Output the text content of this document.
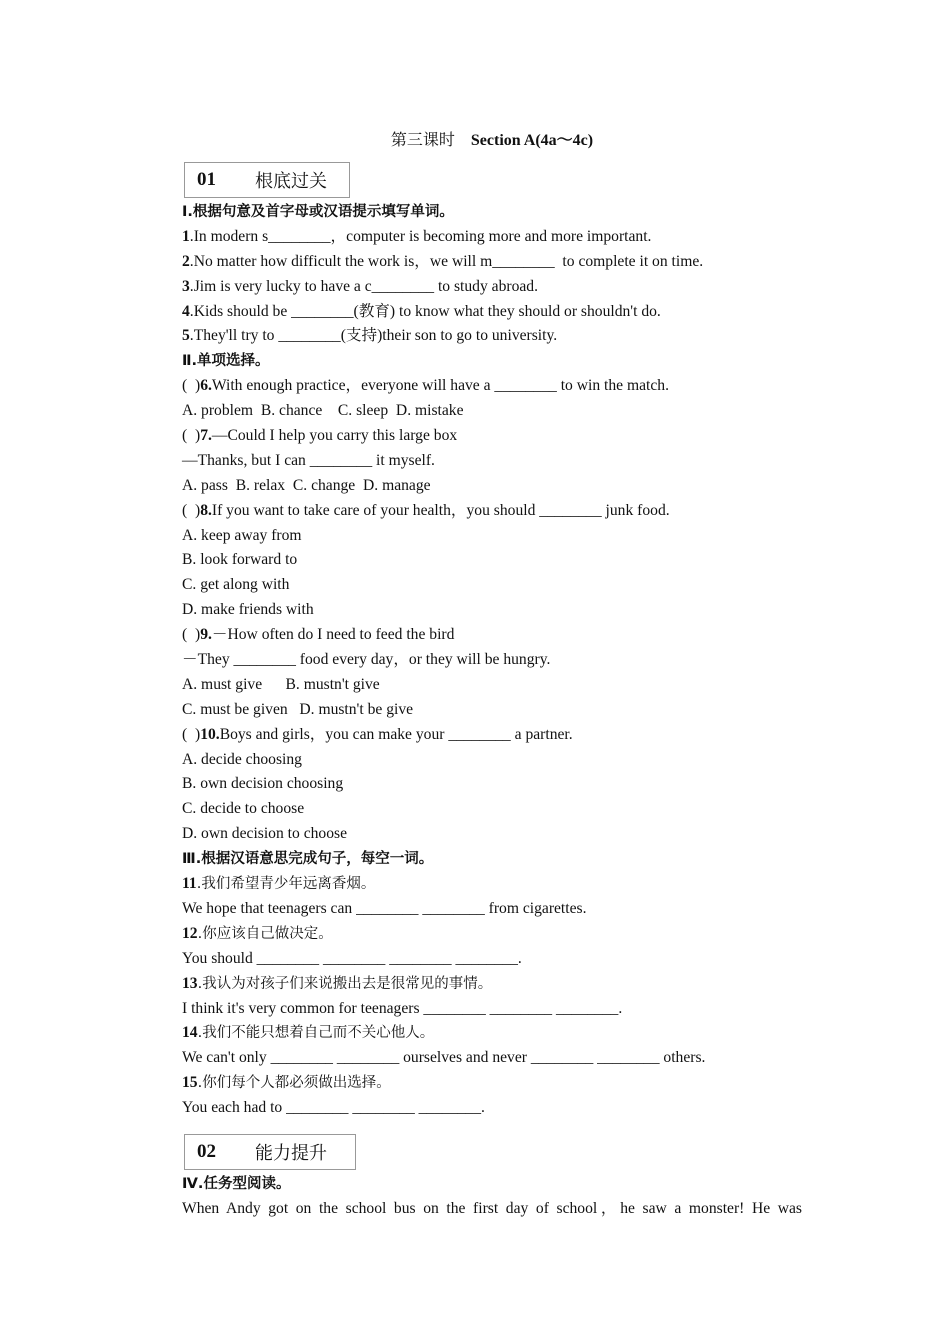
第三课时 Section A(4a～4c)
01	根底过关
Ⅰ.根据句意及首字母或汉语提示填写单词。
1.In modern s________，computer is becoming more and more important.
2.No matter how difficult the work is，we will m________  to complete it on time.
3.Jim is very lucky to have a c________ to study abroad.
4.Kids should be ________(教育) to know what they should or shouldn't do.
5.They'll try to ________(支持)their son to go to university.
Ⅱ.单项选择。
(  )6.With enough practice，everyone will have a ________ to win the match.
A. problem  B. chance    C. sleep  D. mistake
(  )7.—Could I help you carry this large box
—Thanks, but I can ________ it myself.
A. pass  B. relax  C. change  D. manage
(  )8.If you want to take care of your health，you should ________ junk food.
A. keep away from
B. look forward to
C. get along with
D. make friends with
(  )9.－How often do I need to feed the bird
－They ________ food every day，or they will be hungry.
A. must give      B. mustn't give
C. must be given   D. mustn't be give
(  )10.Boys and girls，you can make your ________ a partner.
A. decide choosing
B. own decision choosing
C. decide to choose
D. own decision to choose
Ⅲ.根据汉语意思完成句子，每空一词。
11.我们希望青少年远离香烟。
We hope that teenagers can ________ ________ from cigarettes.
12.你应该自己做决定。
You should ________ ________ ________ ________.
13.我认为对孩子们来说搬出去是很常见的事情。
I think it's very common for teenagers ________ ________ ________.
14.我们不能只想着自己而不关心他人。
We can't only ________ ________ ourselves and never ________ ________ others.
15.你们每个人都必须做出选择。
You each had to ________ ________ ________.
02	能力提升
Ⅳ.任务型阅读。
When Andy got on the school bus on the first day of school，he saw a monster! He was
